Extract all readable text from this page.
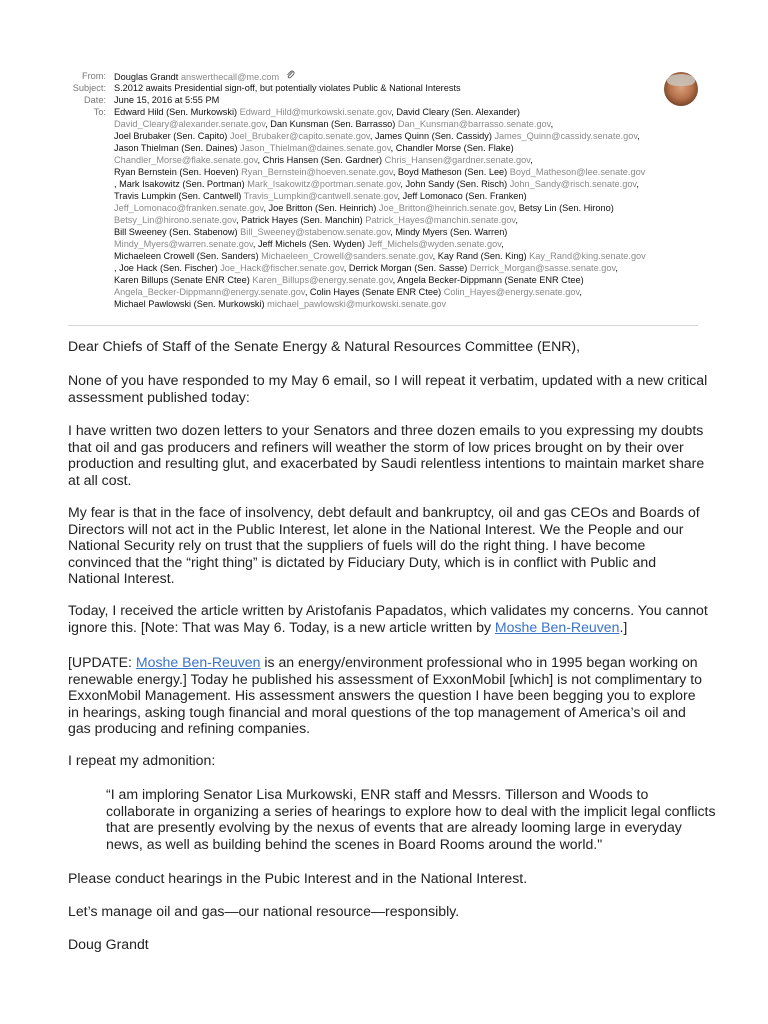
From: Douglas Grandt answerthecall@me.com
Subject: S.2012 awaits Presidential sign-off, but potentially violates Public & National Interests
Date: June 15, 2016 at 5:55 PM
To: Edward Hild (Sen. Murkowski) Edward_Hild@murkowski.senate.gov, David Cleary (Sen. Alexander)
David_Cleary@alexander.senate.gov, Dan Kunsman (Sen. Barrasso) Dan_Kunsman@barrasso.senate.gov,
Joel Brubaker (Sen. Capito) Joel_Brubaker@capito.senate.gov, James Quinn (Sen. Cassidy) James_Quinn@cassidy.senate.gov,
Jason Thielman (Sen. Daines) Jason_Thielman@daines.senate.gov, Chandler Morse (Sen. Flake)
Chandler_Morse@flake.senate.gov, Chris Hansen (Sen. Gardner) Chris_Hansen@gardner.senate.gov,
Ryan Bernstein (Sen. Hoeven) Ryan_Bernstein@hoeven.senate.gov, Boyd Matheson (Sen. Lee) Boyd_Matheson@lee.senate.gov
, Mark Isakowitz (Sen. Portman) Mark_Isakowitz@portman.senate.gov, John Sandy (Sen. Risch) John_Sandy@risch.senate.gov,
Travis Lumpkin (Sen. Cantwell) Travis_Lumpkin@cantwell.senate.gov, Jeff Lomonaco (Sen. Franken)
Jeff_Lomonaco@franken.senate.gov, Joe Britton (Sen. Heinrich) Joe_Britton@heinrich.senate.gov, Betsy Lin (Sen. Hirono)
Betsy_Lin@hirono.senate.gov, Patrick Hayes (Sen. Manchin) Patrick_Hayes@manchin.senate.gov,
Bill Sweeney (Sen. Stabenow) Bill_Sweeney@stabenow.senate.gov, Mindy Myers (Sen. Warren)
Mindy_Myers@warren.senate.gov, Jeff Michels (Sen. Wyden) Jeff_Michels@wyden.senate.gov,
Michaeleen Crowell (Sen. Sanders) Michaeleen_Crowell@sanders.senate.gov, Kay Rand (Sen. King) Kay_Rand@king.senate.gov
, Joe Hack (Sen. Fischer) Joe_Hack@fischer.senate.gov, Derrick Morgan (Sen. Sasse) Derrick_Morgan@sasse.senate.gov,
Karen Billups (Senate ENR Ctee) Karen_Billups@energy.senate.gov, Angela Becker-Dippmann (Senate ENR Ctee)
Angela_Becker-Dippmann@energy.senate.gov, Colin Hayes (Senate ENR Ctee) Colin_Hayes@energy.senate.gov,
Michael Pawlowski (Sen. Murkowski) michael_pawlowski@murkowski.senate.gov

Dear Chiefs of Staff of the Senate Energy & Natural Resources Committee (ENR),

None of you have responded to my May 6 email, so I will repeat it verbatim, updated with a new critical assessment published today:

I have written two dozen letters to your Senators and three dozen emails to you expressing my doubts that oil and gas producers and refiners will weather the storm of low prices brought on by their over production and resulting glut, and exacerbated by Saudi relentless intentions to maintain market share at all cost.

My fear is that in the face of insolvency, debt default and bankruptcy, oil and gas CEOs and Boards of Directors will not act in the Public Interest, let alone in the National Interest. We the People and our National Security rely on trust that the suppliers of fuels will do the right thing. I have become convinced that the “right thing” is dictated by Fiduciary Duty, which is in conflict with Public and National Interest.

Today, I received the article written by Aristofanis Papadatos, which validates my concerns. You cannot ignore this. [Note: That was May 6. Today, is a new article written by Moshe Ben-Reuven.]

[UPDATE: Moshe Ben-Reuven is an energy/environment professional who in 1995 began working on renewable energy.] Today he published his assessment of ExxonMobil [which] is not complimentary to ExxonMobil Management. His assessment answers the question I have been begging you to explore in hearings, asking tough financial and moral questions of the top management of America’s oil and gas producing and refining companies.

I repeat my admonition:

“I am imploring Senator Lisa Murkowski, ENR staff and Messrs. Tillerson and Woods to collaborate in organizing a series of hearings to explore how to deal with the implicit legal conflicts that are presently evolving by the nexus of events that are already looming large in everyday news, as well as building behind the scenes in Board Rooms around the world."

Please conduct hearings in the Pubic Interest and in the National Interest.

Let’s manage oil and gas—our national resource—responsibly.

Doug Grandt
